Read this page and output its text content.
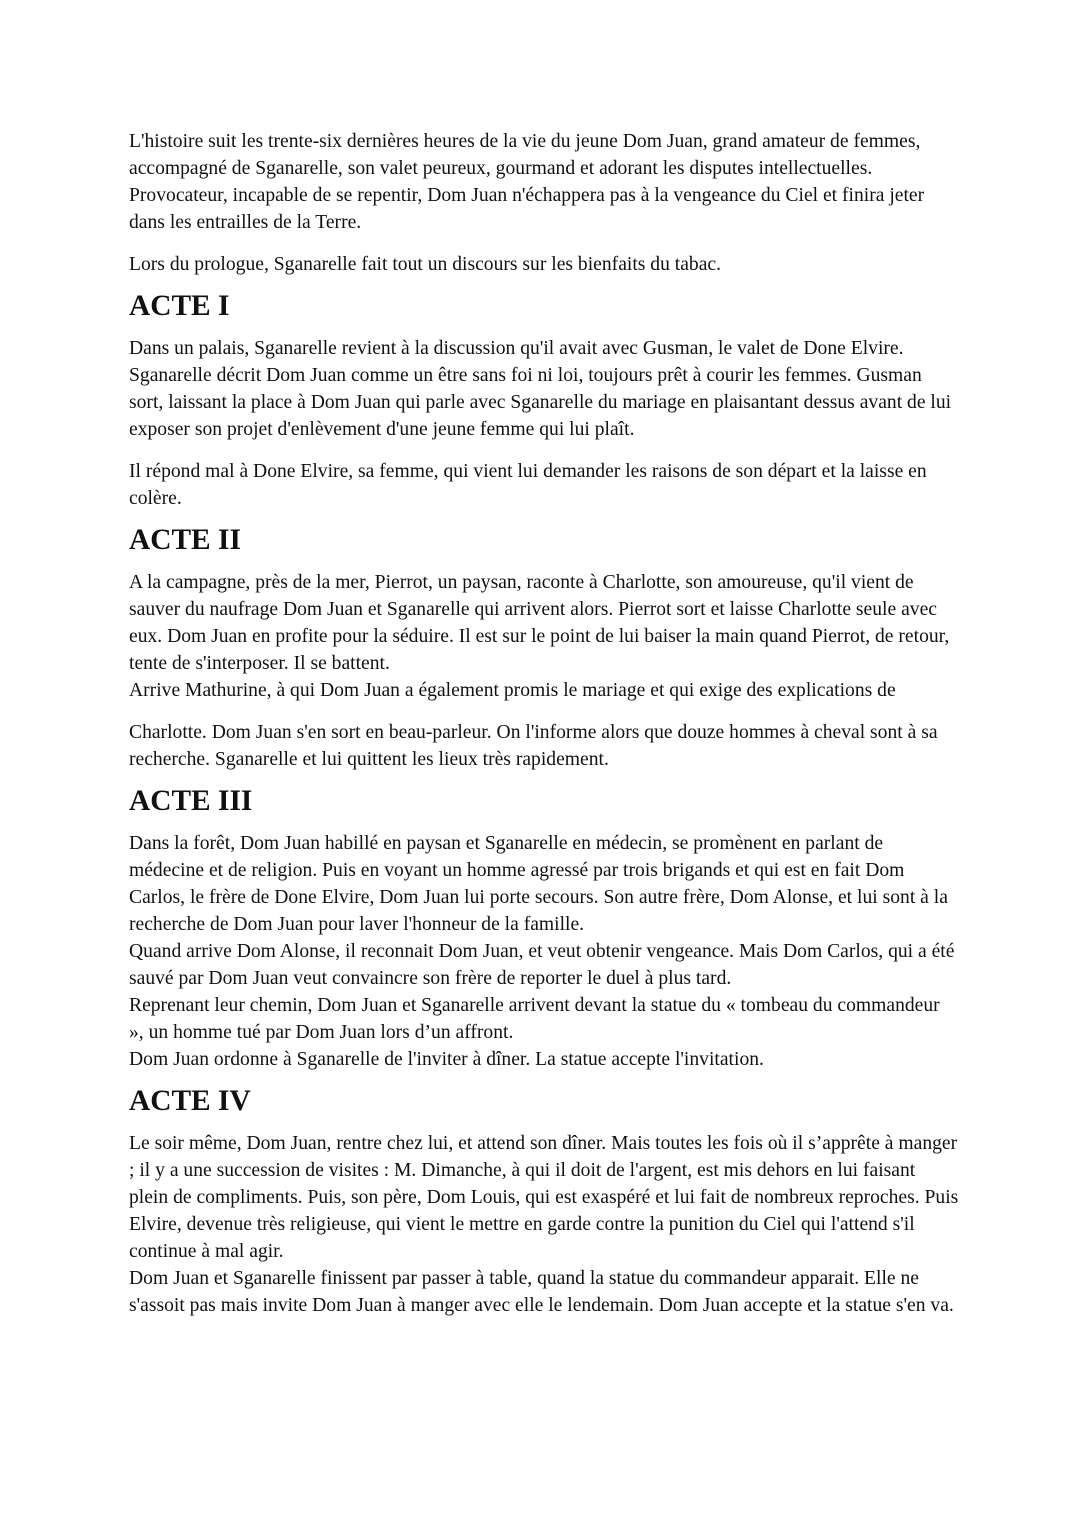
L'histoire suit les trente-six dernières heures de la vie du jeune Dom Juan, grand amateur de femmes, accompagné de Sganarelle, son valet peureux, gourmand et adorant les disputes intellectuelles. Provocateur, incapable de se repentir, Dom Juan n'échappera pas à la vengeance du Ciel et finira jeter dans les entrailles de la Terre.

Lors du prologue, Sganarelle fait tout un discours sur les bienfaits du tabac.

ACTE I

Dans un palais, Sganarelle revient à la discussion qu'il avait avec Gusman, le valet de Done Elvire. Sganarelle décrit Dom Juan comme un être sans foi ni loi, toujours prêt à courir les femmes. Gusman sort, laissant la place à Dom Juan qui parle avec Sganarelle du mariage en plaisantant dessus avant de lui exposer son projet d'enlèvement d'une jeune femme qui lui plaît.

Il répond mal à Done Elvire, sa femme, qui vient lui demander les raisons de son départ et la laisse en colère.

ACTE II

A la campagne, près de la mer, Pierrot, un paysan, raconte à Charlotte, son amoureuse, qu'il vient de sauver du naufrage Dom Juan et Sganarelle qui arrivent alors. Pierrot sort et laisse Charlotte seule avec eux. Dom Juan en profite pour la séduire. Il est sur le point de lui baiser la main quand Pierrot, de retour, tente de s'interposer. Il se battent.
Arrive Mathurine, à qui Dom Juan a également promis le mariage et qui exige des explications de

Charlotte. Dom Juan s'en sort en beau-parleur. On l'informe alors que douze hommes à cheval sont à sa recherche. Sganarelle et lui quittent les lieux très rapidement.

ACTE III

Dans la forêt, Dom Juan habillé en paysan et Sganarelle en médecin, se promènent en parlant de médecine et de religion. Puis en voyant un homme agressé par trois brigands et qui est en fait Dom Carlos, le frère de Done Elvire, Dom Juan lui porte secours. Son autre frère, Dom Alonse, et lui sont à la recherche de Dom Juan pour laver l'honneur de la famille.
Quand arrive Dom Alonse, il reconnait Dom Juan, et veut obtenir vengeance. Mais Dom Carlos, qui a été sauvé par Dom Juan veut convaincre son frère de reporter le duel à plus tard.
Reprenant leur chemin, Dom Juan et Sganarelle arrivent devant la statue du « tombeau du commandeur », un homme tué par Dom Juan lors d’un affront.
Dom Juan ordonne à Sganarelle de l'inviter à dîner. La statue accepte l'invitation.

ACTE IV

Le soir même, Dom Juan, rentre chez lui, et attend son dîner. Mais toutes les fois où il s’apprête à manger ; il y a une succession de visites : M. Dimanche, à qui il doit de l'argent, est mis dehors en lui faisant plein de compliments. Puis, son père, Dom Louis, qui est exaspéré et lui fait de nombreux reproches. Puis Elvire, devenue très religieuse, qui vient le mettre en garde contre la punition du Ciel qui l'attend s'il continue à mal agir.
Dom Juan et Sganarelle finissent par passer à table, quand la statue du commandeur apparait. Elle ne s'assoit pas mais invite Dom Juan à manger avec elle le lendemain. Dom Juan accepte et la statue s'en va.
